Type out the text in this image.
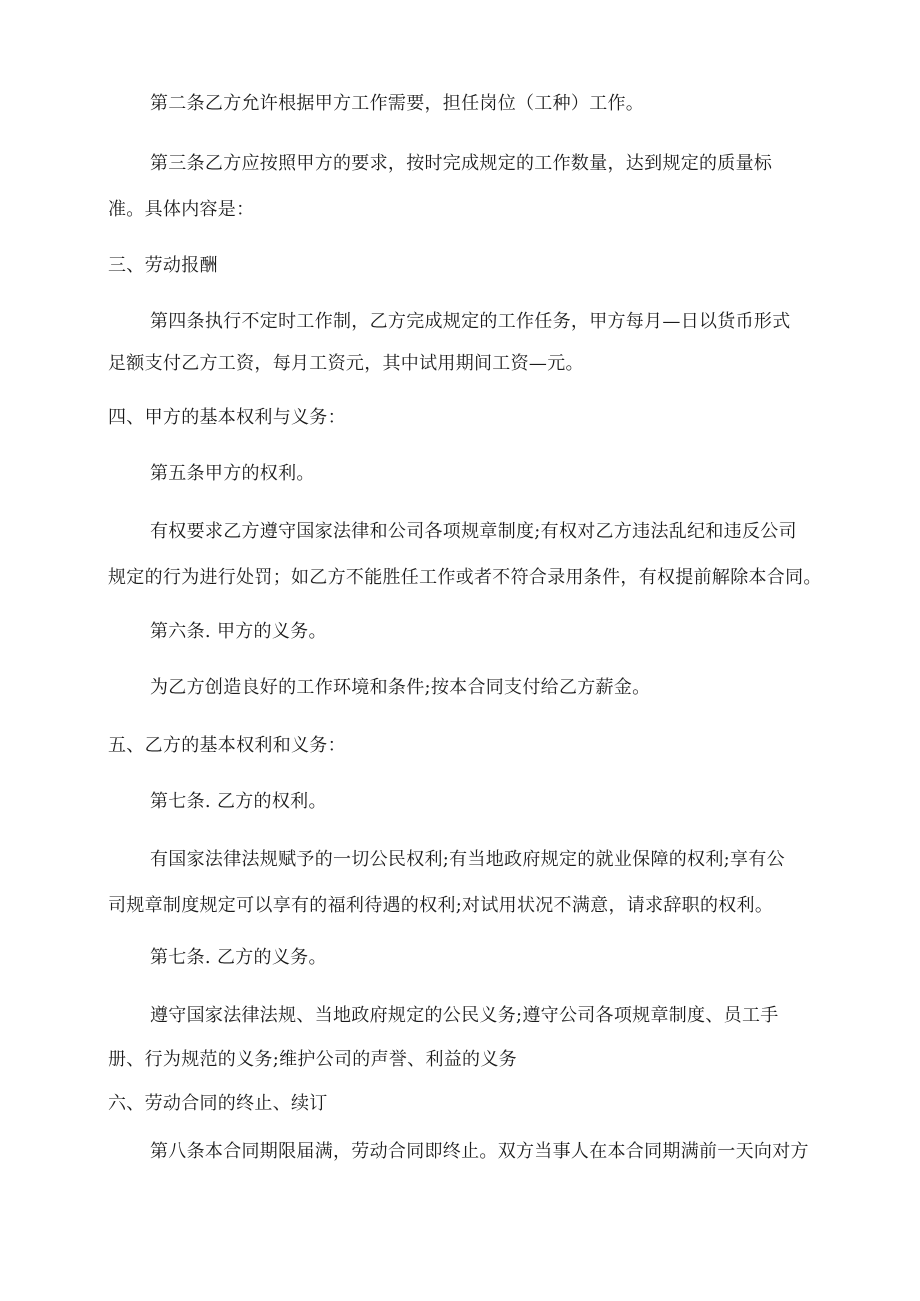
第二条乙方允许根据甲方工作需要，担任岗位（工种）工作。
第三条乙方应按照甲方的要求，按时完成规定的工作数量，达到规定的质量标
准。具体内容是：
三、劳动报酬
第四条执行不定时工作制，乙方完成规定的工作任务，甲方每月—日以货币形式
足额支付乙方工资，每月工资元，其中试用期间工资—元。
四、甲方的基本权利与义务：
第五条甲方的权利。
有权要求乙方遵守国家法律和公司各项规章制度;有权对乙方违法乱纪和违反公司
规定的行为进行处罚；如乙方不能胜任工作或者不符合录用条件，有权提前解除本合同。
第六条. 甲方的义务。
为乙方创造良好的工作环境和条件;按本合同支付给乙方薪金。
五、乙方的基本权利和义务：
第七条. 乙方的权利。
有国家法律法规赋予的一切公民权利;有当地政府规定的就业保障的权利;享有公
司规章制度规定可以享有的福利待遇的权利;对试用状况不满意，请求辞职的权利。
第七条. 乙方的义务。
遵守国家法律法规、当地政府规定的公民义务;遵守公司各项规章制度、员工手
册、行为规范的义务;维护公司的声誉、利益的义务
六、劳动合同的终止、续订
第八条本合同期限届满，劳动合同即终止。双方当事人在本合同期满前一天向对方
